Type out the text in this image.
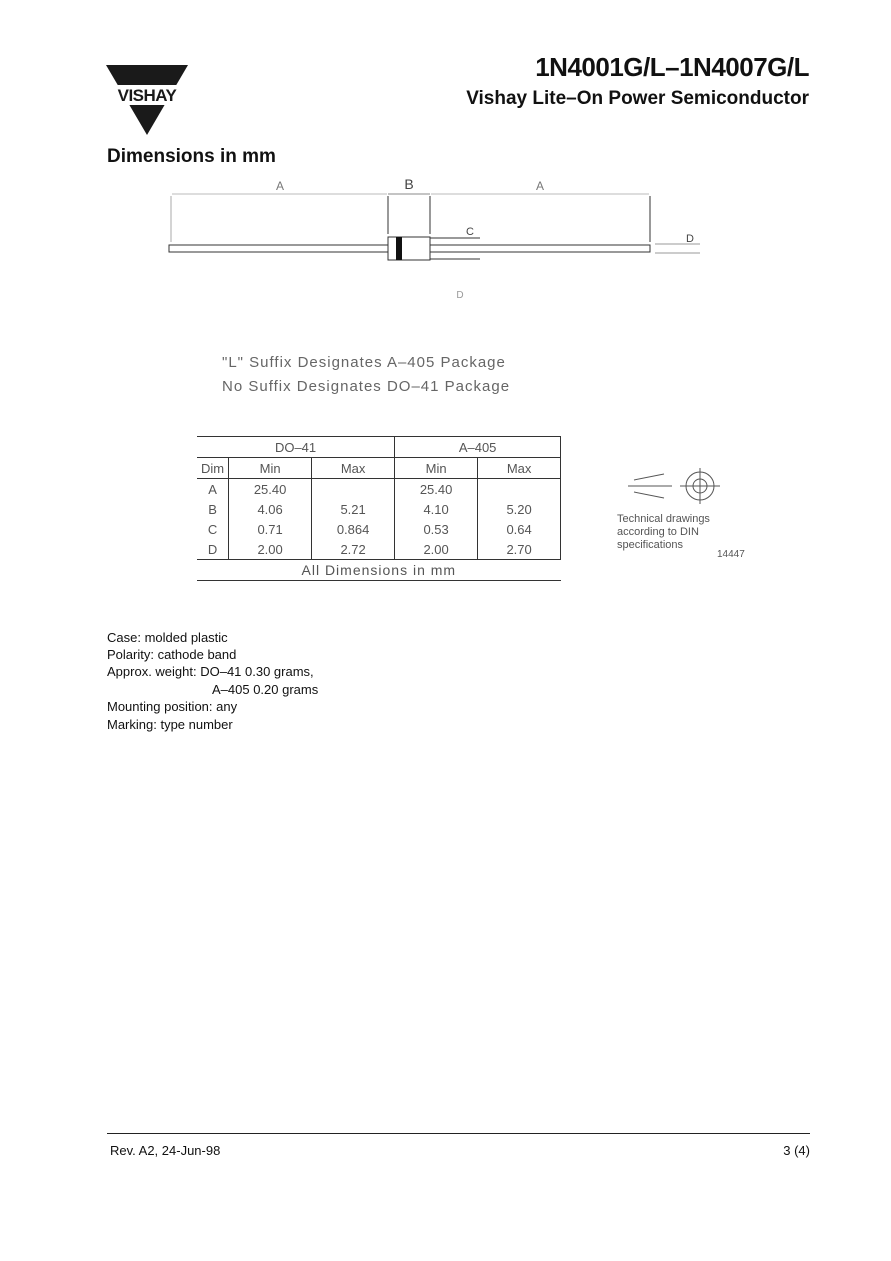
VISHAY
1N4001G/L–1N4007G/L
Vishay Lite–On Power Semiconductor
Dimensions in mm
A	B	A
C
D
D
"L" Suffix Designates A–405 Package
No Suffix Designates DO–41 Package
DO–41			A–405	
Dim	Min	Max	Min	Max
A	25.40		25.40	
B	4.06	5.21	4.10	5.20
C	0.71	0.864	0.53	0.64
D	2.00	2.72	2.00	2.70
All Dimensions in mm				
Technical drawings
according to DIN
specifications
14447
Case: molded plastic
Polarity: cathode band
Approx. weight: DO–41 0.30 grams,
A–405 0.20 grams
Mounting position: any
Marking: type number
Rev. A2, 24-Jun-98	3 (4)
